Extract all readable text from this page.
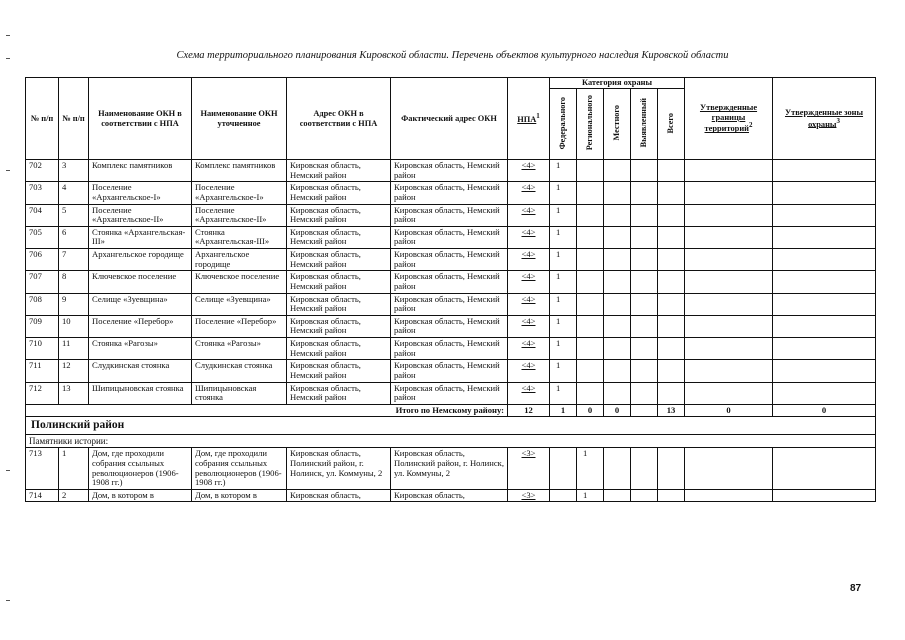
Схема территориального планирования Кировской области. Перечень объектов культурного наследия Кировской области
№ п/п	№ п/п	Наименование ОКН в соответствии с НПА	Наименование ОКН уточненное	Адрес ОКН в соответствии с НПА	Фактический адрес ОКН	НПА$^1$	Категория охраны					Утвержденные границы территорий$^2$	Утвержденные зоны охраны$^3$
							Федерального	Регионального	Местного	Выявленный	Всего		
702	3	Комплекс памятников	Комплекс памятников	Кировская область, Немский район	Кировская область, Немский район	<4>	1						
703	4	Поселение «Архангельское-I»	Поселение «Архангельское-I»	Кировская область, Немский район	Кировская область, Немский район	<4>	1						
704	5	Поселение «Архангельское-II»	Поселение «Архангельское-II»	Кировская область, Немский район	Кировская область, Немский район	<4>	1						
705	6	Стоянка «Архангельская-III»	Стоянка «Архангельская-III»	Кировская область, Немский район	Кировская область, Немский район	<4>	1						
706	7	Архангельское городище	Архангельское городище	Кировская область, Немский район	Кировская область, Немский район	<4>	1						
707	8	Ключевское поселение	Ключевское поселение	Кировская область, Немский район	Кировская область, Немский район	<4>	1						
708	9	Селище «Зуевщина»	Селище «Зуевщина»	Кировская область, Немский район	Кировская область, Немский район	<4>	1						
709	10	Поселение «Перебор»	Поселение «Перебор»	Кировская область, Немский район	Кировская область, Немский район	<4>	1						
710	11	Стоянка «Рагозы»	Стоянка «Рагозы»	Кировская область, Немский район	Кировская область, Немский район	<4>	1						
711	12	Слудкинская стоянка	Слудкинская стоянка	Кировская область, Немский район	Кировская область, Немский район	<4>	1						
712	13	Шипицыновская стоянка	Шипицыновская стоянка	Кировская область, Немский район	Кировская область, Немский район	<4>	1						
Итого по Немскому району:						12	1	0	0		13	0	0
Полинский район													
Памятники истории:													
713	1	Дом, где проходили собрания ссыльных революционеров (1906-1908 гг.)	Дом, где проходили собрания ссыльных революционеров (1906-1908 гг.)	Кировская область, Полинский район, г. Нолинск, ул. Коммуны, 2	Кировская область, Полинский район, г. Нолинск, ул. Коммуны, 2	<3>		1					
714	2	Дом, в котором в	Дом, в котором в	Кировская область,	Кировская область,	<3>		1					
87
